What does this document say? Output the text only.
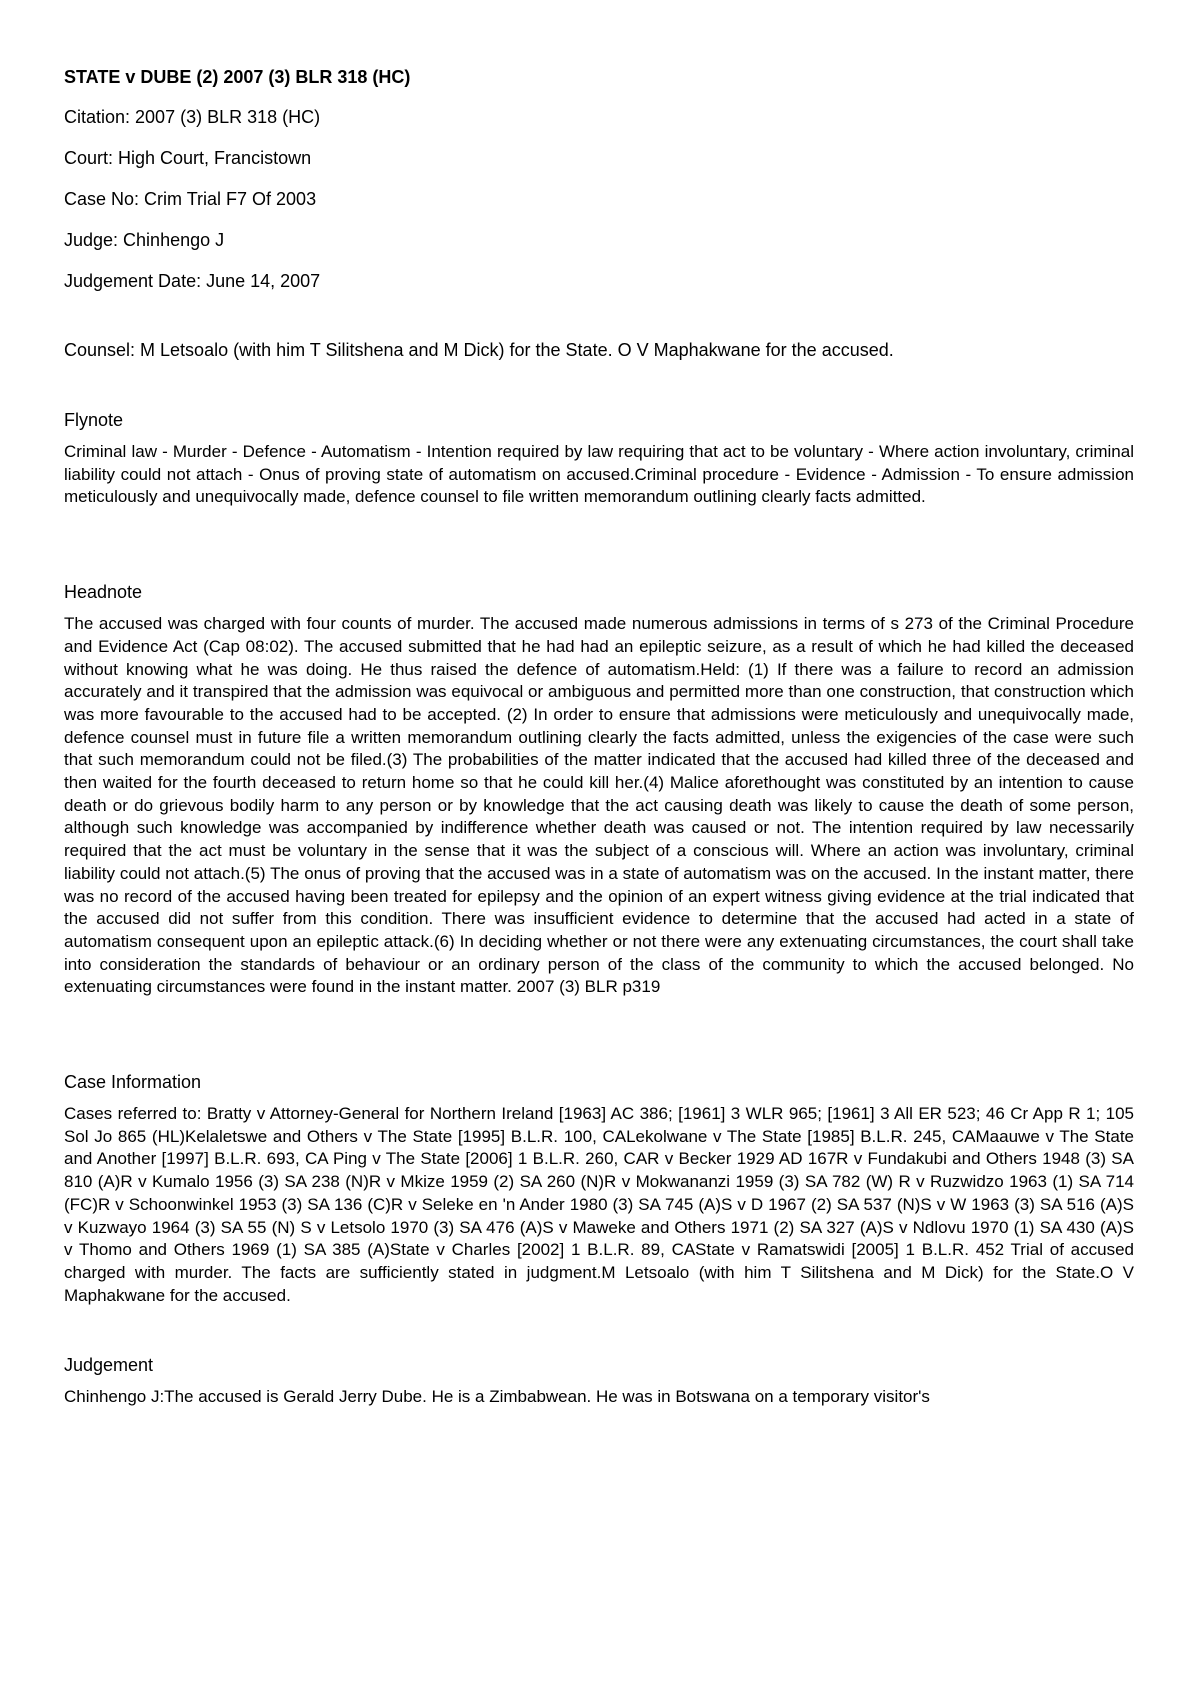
STATE v DUBE (2) 2007 (3) BLR 318 (HC)
Citation: 2007 (3) BLR 318 (HC)
Court: High Court, Francistown
Case No: Crim Trial F7 Of 2003
Judge: Chinhengo J
Judgement Date: June 14, 2007
Counsel: M Letsoalo (with him T Silitshena and M Dick) for the State. O V Maphakwane for the accused.
Flynote

Criminal law - Murder - Defence - Automatism - Intention required by law requiring that act to be voluntary - Where action involuntary, criminal liability could not attach - Onus of proving state of automatism on accused.Criminal procedure - Evidence - Admission - To ensure admission meticulously and unequivocally made, defence counsel to file written memorandum outlining clearly facts admitted.

Headnote

The accused was charged with four counts of murder. The accused made numerous admissions in terms of s 273 of the Criminal Procedure and Evidence Act (Cap 08:02). The accused submitted that he had had an epileptic seizure, as a result of which he had killed the deceased without knowing what he was doing. He thus raised the defence of automatism.Held: (1) If there was a failure to record an admission accurately and it transpired that the admission was equivocal or ambiguous and permitted more than one construction, that construction which was more favourable to the accused had to be accepted. (2) In order to ensure that admissions were meticulously and unequivocally made, defence counsel must in future file a written memorandum outlining clearly the facts admitted, unless the exigencies of the case were such that such memorandum could not be filed.(3) The probabilities of the matter indicated that the accused had killed three of the deceased and then waited for the fourth deceased to return home so that he could kill her.(4) Malice aforethought was constituted by an intention to cause death or do grievous bodily harm to any person or by knowledge that the act causing death was likely to cause the death of some person, although such knowledge was accompanied by indifference whether death was caused or not. The intention required by law necessarily required that the act must be voluntary in the sense that it was the subject of a conscious will. Where an action was involuntary, criminal liability could not attach.(5) The onus of proving that the accused was in a state of automatism was on the accused. In the instant matter, there was no record of the accused having been treated for epilepsy and the opinion of an expert witness giving evidence at the trial indicated that the accused did not suffer from this condition. There was insufficient evidence to determine that the accused had acted in a state of automatism consequent upon an epileptic attack.(6) In deciding whether or not there were any extenuating circumstances, the court shall take into consideration the standards of behaviour or an ordinary person of the class of the community to which the accused belonged. No extenuating circumstances were found in the instant matter. 2007 (3) BLR p319

Case Information

Cases referred to: Bratty v Attorney-General for Northern Ireland [1963] AC 386; [1961] 3 WLR 965; [1961] 3 All ER 523; 46 Cr App R 1; 105 Sol Jo 865 (HL)Kelaletswe and Others v The State [1995] B.L.R. 100, CALekolwane v The State [1985] B.L.R. 245, CAMaauwe v The State and Another [1997] B.L.R. 693, CA Ping v The State [2006] 1 B.L.R. 260, CAR v Becker 1929 AD 167R v Fundakubi and Others 1948 (3) SA 810 (A)R v Kumalo 1956 (3) SA 238 (N)R v Mkize 1959 (2) SA 260 (N)R v Mokwananzi 1959 (3) SA 782 (W) R v Ruzwidzo 1963 (1) SA 714 (FC)R v Schoonwinkel 1953 (3) SA 136 (C)R v Seleke en 'n Ander 1980 (3) SA 745 (A)S v D 1967 (2) SA 537 (N)S v W 1963 (3) SA 516 (A)S v Kuzwayo 1964 (3) SA 55 (N) S v Letsolo 1970 (3) SA 476 (A)S v Maweke and Others 1971 (2) SA 327 (A)S v Ndlovu 1970 (1) SA 430 (A)S v Thomo and Others 1969 (1) SA 385 (A)State v Charles [2002] 1 B.L.R. 89, CAState v Ramatswidi [2005] 1 B.L.R. 452 Trial of accused charged with murder. The facts are sufficiently stated in judgment.M Letsoalo (with him T Silitshena and M Dick) for the State.O V Maphakwane for the accused.

Judgement

Chinhengo J:The accused is Gerald Jerry Dube. He is a Zimbabwean. He was in Botswana on a temporary visitor's
